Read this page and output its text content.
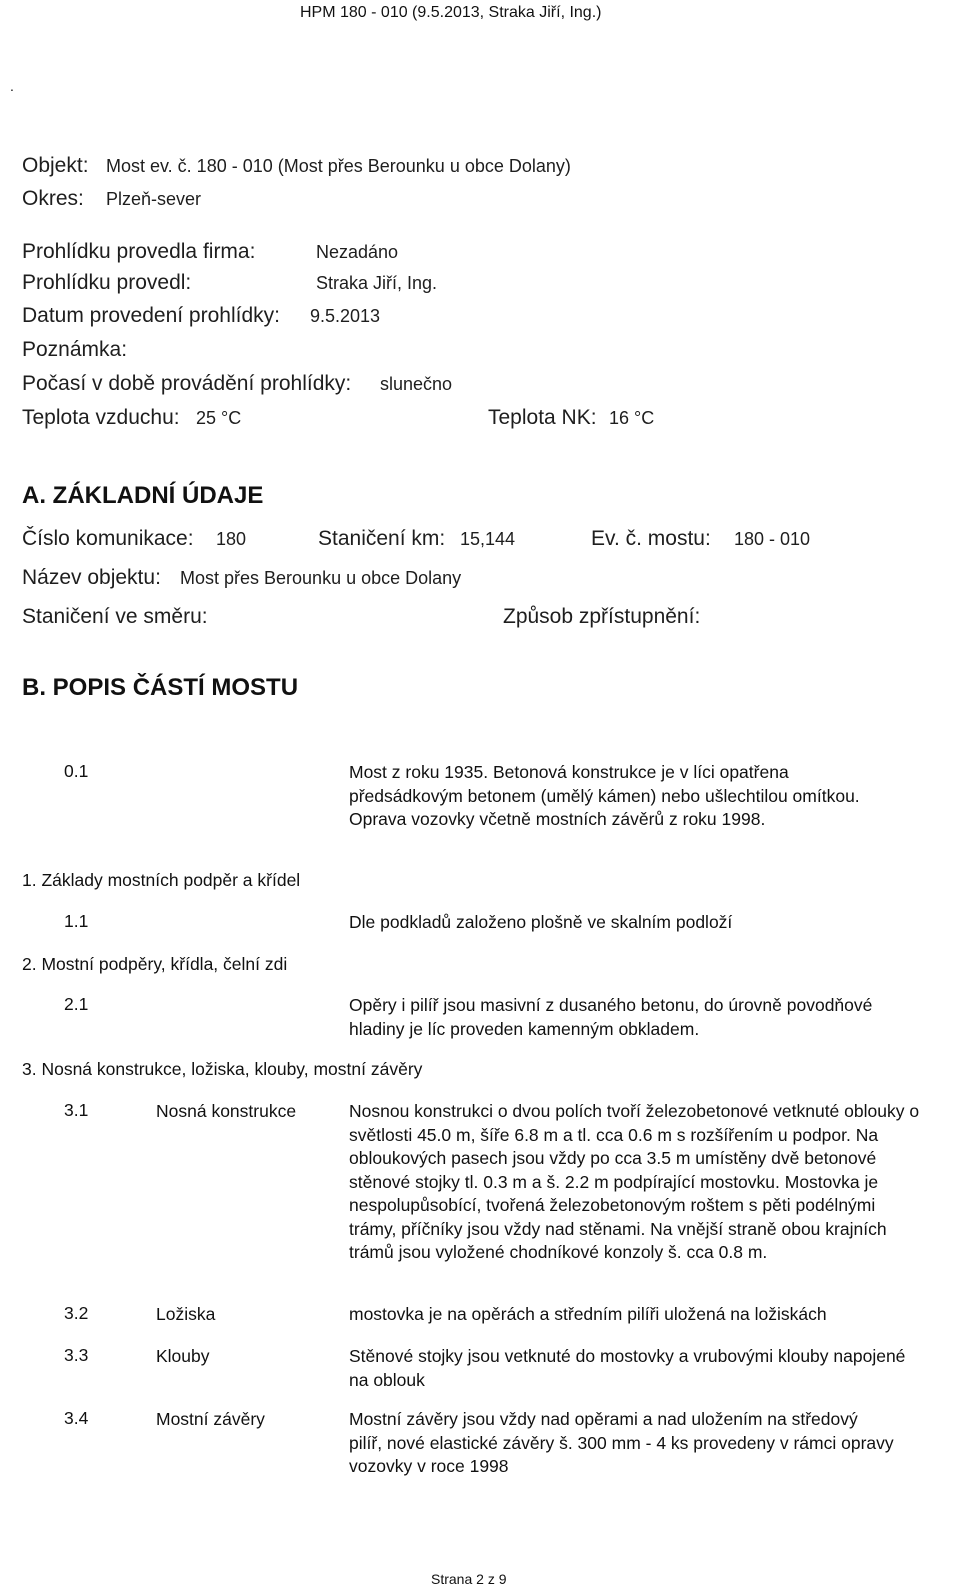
HPM 180 - 010 (9.5.2013, Straka Jiří, Ing.)
.
Objekt: Most ev. č. 180 - 010 (Most přes Berounku u obce Dolany)
Okres: Plzeň-sever
Prohlídku provedla firma:	Nezadáno
Prohlídku provedl:	Straka Jiří, Ing.
Datum provedení prohlídky: 9.5.2013
Poznámka:
Počasí v době provádění prohlídky: slunečno
Teplota vzduchu: 25 °C	Teplota NK: 16 °C
A. ZÁKLADNÍ ÚDAJE
Číslo komunikace: 180	Staničení km: 15,144	Ev. č. mostu: 180 - 010
Název objektu: Most přes Berounku u obce Dolany
Staničení ve směru:	Způsob zpřístupnění:
B. POPIS ČÁSTÍ MOSTU
0.1	Most z roku 1935. Betonová konstrukce je v líci opatřena předsádkovým betonem (umělý kámen) nebo ušlechtilou omítkou. Oprava vozovky včetně mostních závěrů z roku 1998.
1. Základy mostních podpěr a křídel
1.1	Dle podkladů založeno plošně ve skalním podloží
2. Mostní podpěry, křídla, čelní zdi
2.1	Opěry i pilíř jsou masivní z dusaného betonu, do úrovně povodňové hladiny je líc proveden kamenným obkladem.
3. Nosná konstrukce, ložiska, klouby, mostní závěry
3.1	Nosná konstrukce	Nosnou konstrukci o dvou polích tvoří železobetonové vetknuté oblouky o světlosti 45.0 m, šíře 6.8 m a tl. cca 0.6 m s rozšířením u podpor. Na obloukových pasech jsou vždy po cca 3.5 m umístěny dvě betonové stěnové stojky tl. 0.3 m a š. 2.2 m podpírající mostovku. Mostovka je nespolupůsobící, tvořená železobetonovým roštem s pěti podélnými trámy, příčníky jsou vždy nad stěnami. Na vnější straně obou krajních trámů jsou vyložené chodníkové konzoly š. cca 0.8 m.
3.2	Ložiska	mostovka je na opěrách a středním pilíři uložená na ložiskách
3.3	Klouby	Stěnové stojky jsou vetknuté do mostovky a vrubovými klouby napojené na oblouk
3.4	Mostní závěry	Mostní závěry jsou vždy nad opěrami a nad uložením na středový pilíř, nové elastické závěry š. 300 mm - 4 ks provedeny v rámci opravy vozovky v roce 1998
Strana 2 z 9
